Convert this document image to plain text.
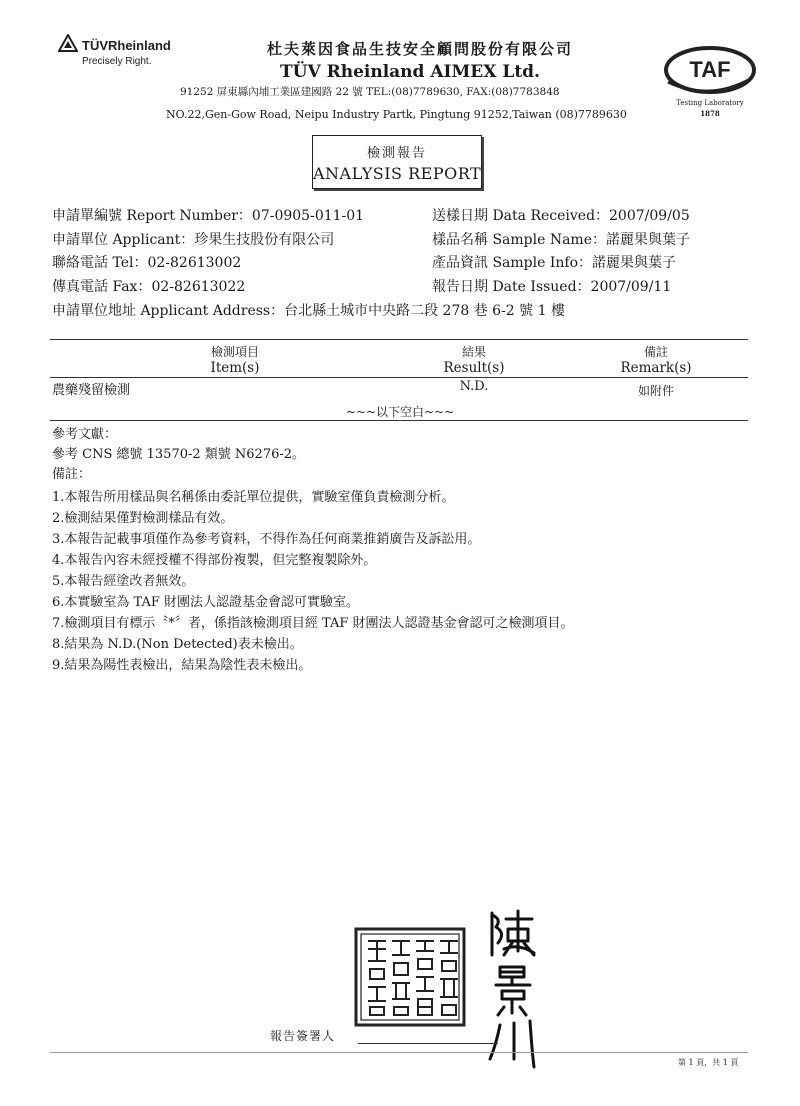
TÜVRheinland
Precisely Right.
杜夫萊因食品生技安全顧問股份有限公司
TÜV Rheinland AIMEX Ltd.
91252 屏東縣內埔工業區建國路 22 號 TEL:(08)7789630, FAX:(08)7783848
NO.22,Gen-Gow Road, Neipu Industry Partk, Pingtung 91252,Taiwan (08)7789630
TAF
Testing Laboratory
1878
檢測報告
ANALYSIS REPORT
申請單編號 Report Number：07-0905-011-01
申請單位 Applicant：珍果生技股份有限公司
聯絡電話 Tel：02-82613002
傳真電話 Fax：02-82613022
申請單位地址 Applicant Address：台北縣土城市中央路二段 278 巷 6-2 號 1 樓
送樣日期 Data Received：2007/09/05
樣品名稱 Sample Name：諾麗果與葉子
產品資訊 Sample Info：諾麗果與葉子
報告日期 Date Issued：2007/09/11
檢測項目
Item(s)
結果
Result(s)
備註
Remark(s)
農藥殘留檢測	N.D.	如附件
~~~以下空白~~~
參考文獻：
參考 CNS 總號 13570-2 類號 N6276-2。
備註：
1.本報告所用樣品與名稱係由委託單位提供，實驗室僅負責檢測分析。
2.檢測結果僅對檢測樣品有效。
3.本報告記載事項僅作為參考資料，不得作為任何商業推銷廣告及訴訟用。
4.本報告內容未經授權不得部份複製，但完整複製除外。
5.本報告經塗改者無效。
6.本實驗室為 TAF 財團法人認證基金會認可實驗室。
7.檢測項目有標示〝*〞者，係指該檢測項目經 TAF 財團法人認證基金會認可之檢測項目。
8.結果為 N.D.(Non Detected)表未檢出。
9.結果為陽性表檢出，結果為陰性表未檢出。
報告簽署人
第 1 頁，共 1 頁
